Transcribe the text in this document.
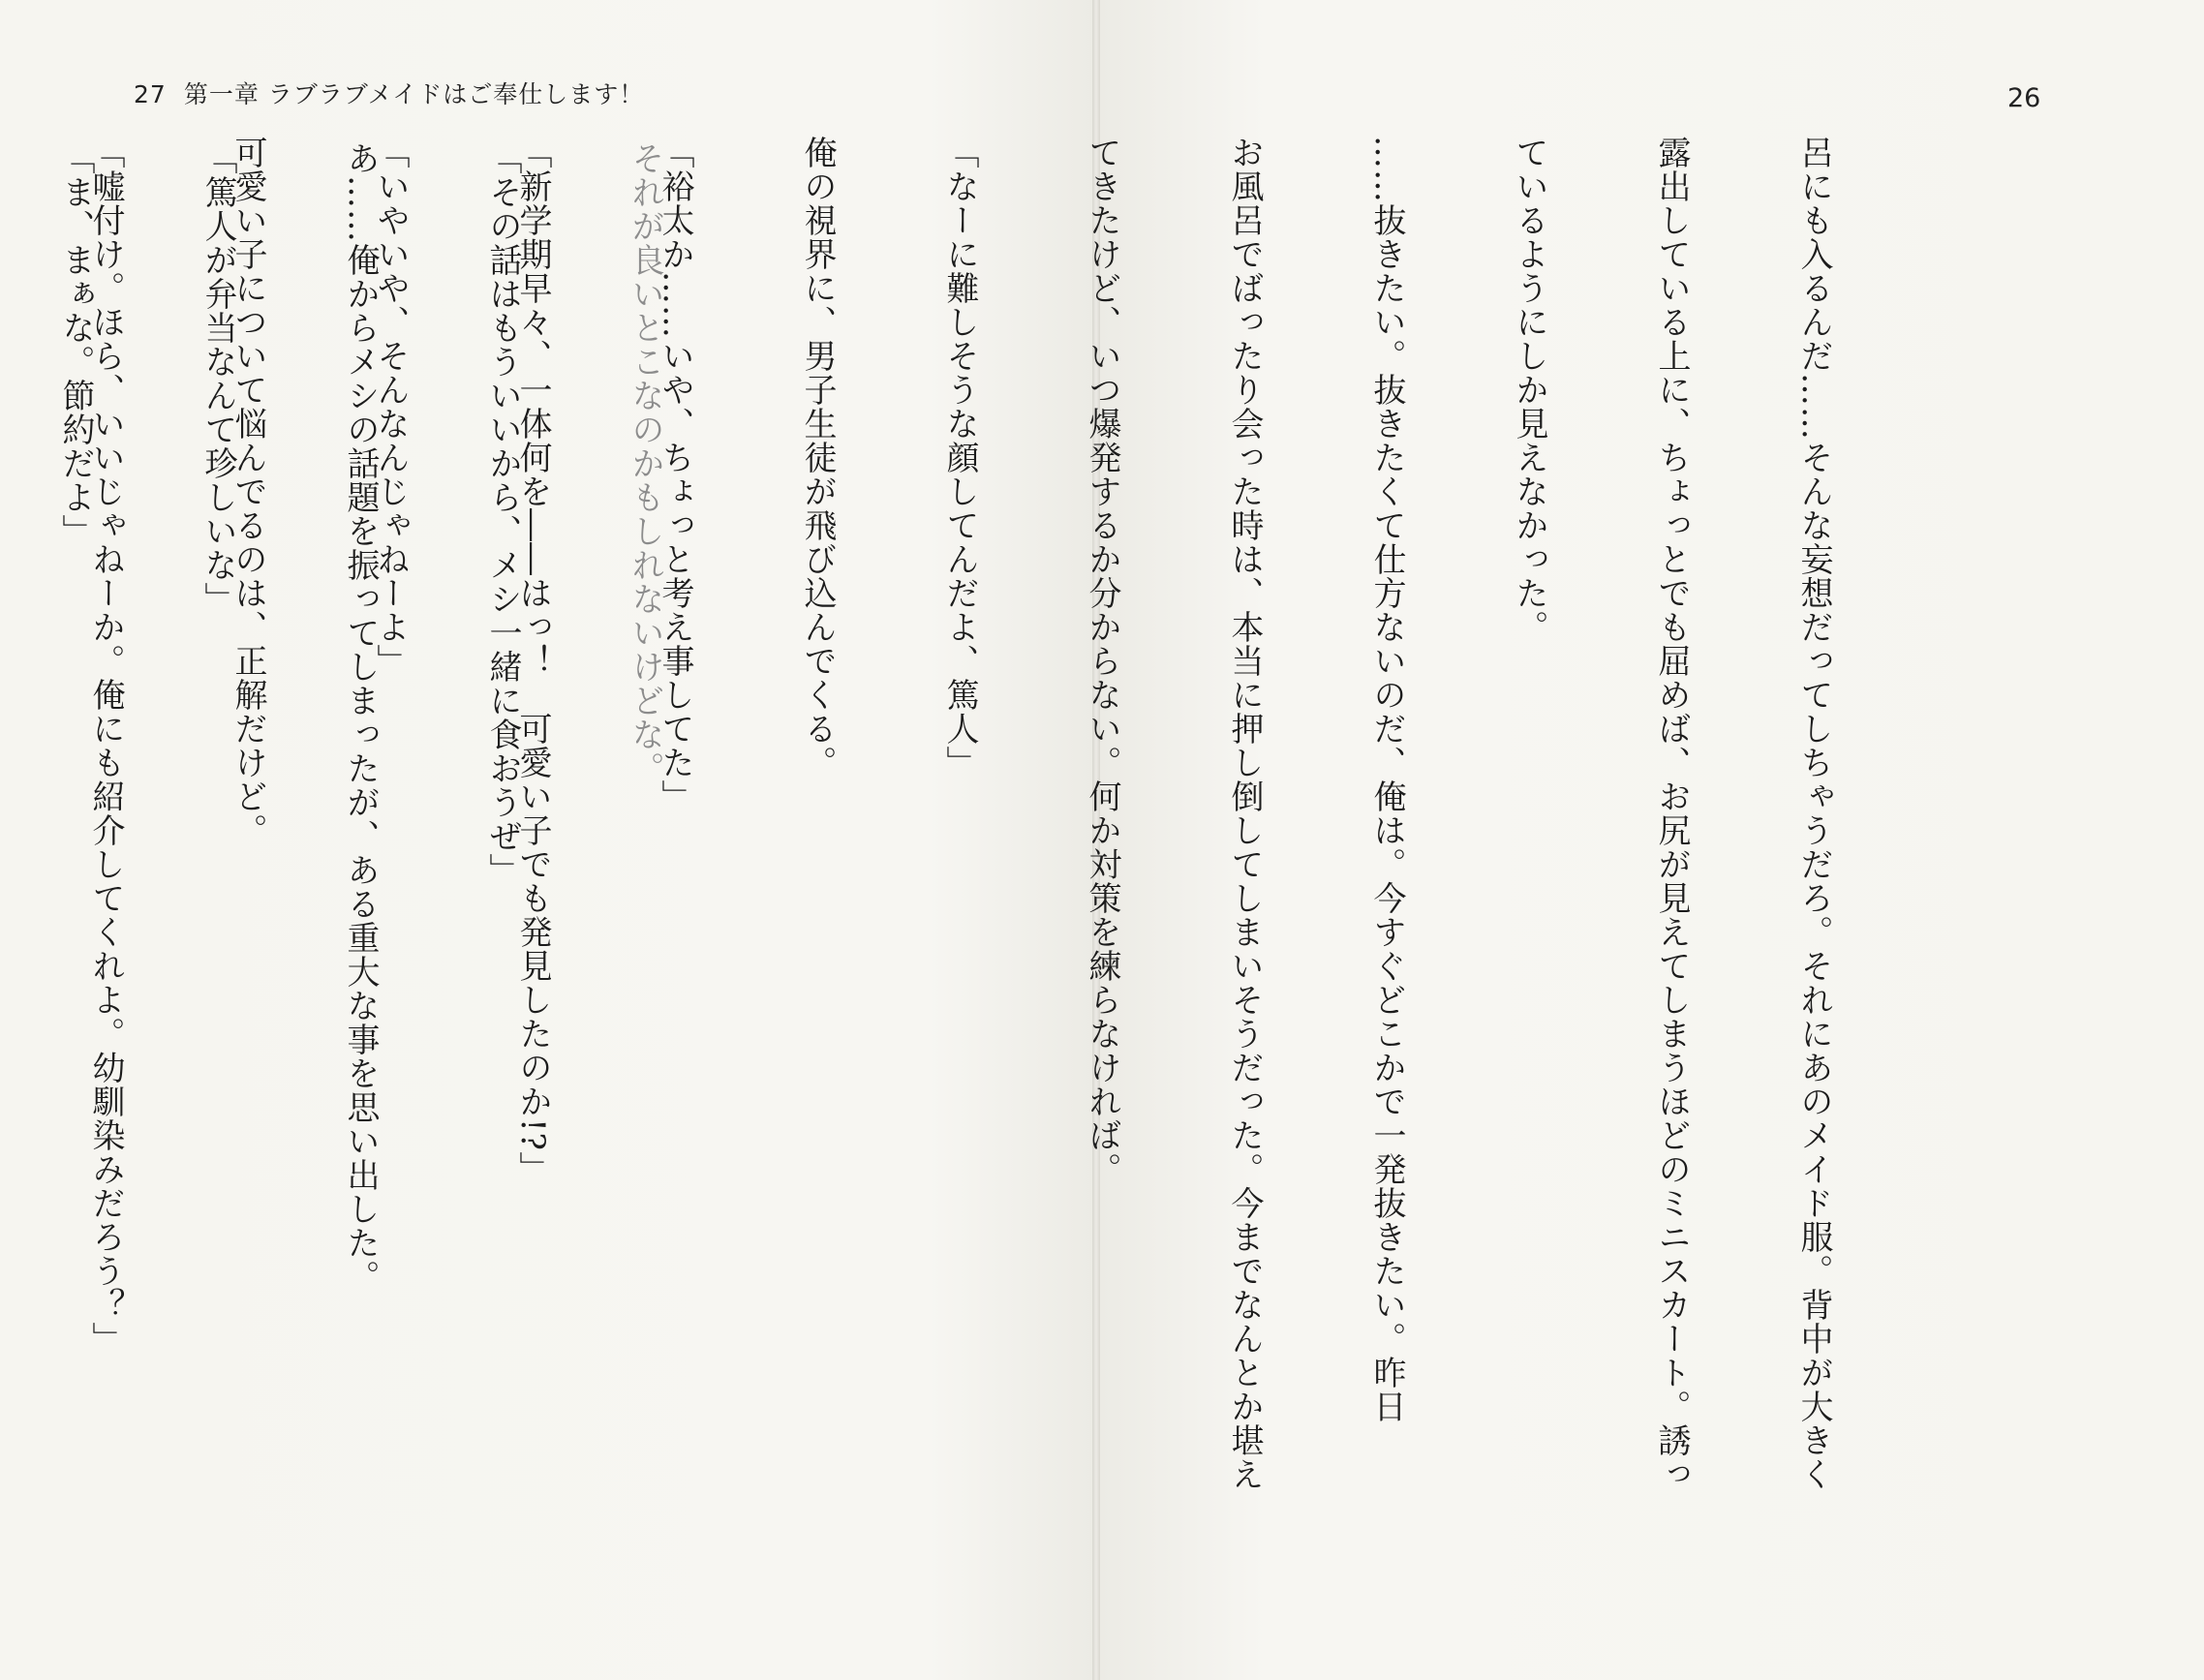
27 第一章 ラブラブメイドはご奉仕します！	26

呂にも入るんだ……そんな妄想だってしちゃうだろ。それにあのメイド服。背中が大きく

露出している上に、ちょっとでも屈めば、お尻が見えてしまうほどのミニスカート。誘っ

ているようにしか見えなかった。

……抜きたい。抜きたくて仕方ないのだ、俺は。今すぐどこかで一発抜きたい。昨日

お風呂でばったり会った時は、本当に押し倒してしまいそうだった。今までなんとか堪え

てきたけど、いつ爆発するか分からない。何か対策を練らなければ。

「なーに難しそうな顔してんだよ、篤人」

俺の視界に、男子生徒が飛び込んでくる。

「裕太か……いや、ちょっと考え事してた」

「新学期早々、一体何を――はっ！　可愛い子でも発見したのか!?」

「いやいや、そんなんじゃねーよ」

可愛い子について悩んでるのは、正解だけど。

「嘘付け。ほら、いいじゃねーか。俺にも紹介してくれよ。幼馴染みだろう？」

	それが良いとこなのかもしれないけどな。

「その話はもういいから、メシ一緒に食おうぜ」

あ……俺からメシの話題を振ってしまったが、ある重大な事を思い出した。

「篤人が弁当なんて珍しいな」

「ま、まぁな。節約だよ」
